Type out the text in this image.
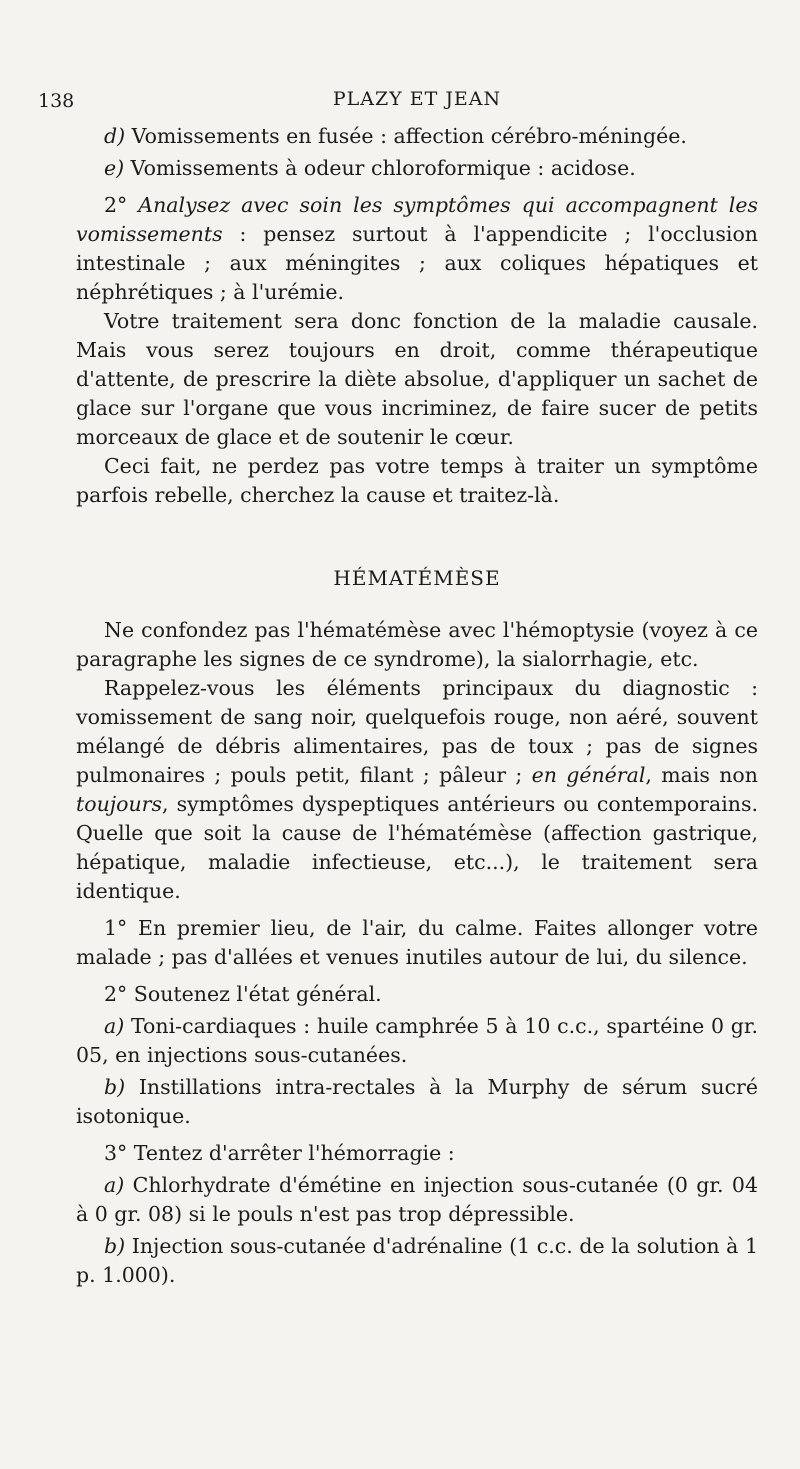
138	PLAZY ET JEAN

d) Vomissements en fusée : affection cérébro-méningée.

e) Vomissements à odeur chloroformique : acidose.

2° Analysez avec soin les symptômes qui accompagnent les vomissements : pensez surtout à l'appendicite ; l'occlusion intestinale ; aux méningites ; aux coliques hépatiques et néphrétiques ; à l'urémie.

Votre traitement sera donc fonction de la maladie causale. Mais vous serez toujours en droit, comme thérapeutique d'attente, de prescrire la diète absolue, d'appliquer un sachet de glace sur l'organe que vous incriminez, de faire sucer de petits morceaux de glace et de soutenir le cœur.

Ceci fait, ne perdez pas votre temps à traiter un symptôme parfois rebelle, cherchez la cause et traitez-là.

HÉMATÉMÈSE

Ne confondez pas l'hématémèse avec l'hémoptysie (voyez à ce paragraphe les signes de ce syndrome), la sialorrhagie, etc.

Rappelez-vous les éléments principaux du diagnostic : vomissement de sang noir, quelquefois rouge, non aéré, souvent mélangé de débris alimentaires, pas de toux ; pas de signes pulmonaires ; pouls petit, filant ; pâleur ; en général, mais non toujours, symptômes dyspeptiques antérieurs ou contemporains. Quelle que soit la cause de l'hématémèse (affection gastrique, hépatique, maladie infectieuse, etc...), le traitement sera identique.

1° En premier lieu, de l'air, du calme. Faites allonger votre malade ; pas d'allées et venues inutiles autour de lui, du silence.

2° Soutenez l'état général.

a) Toni-cardiaques : huile camphrée 5 à 10 c.c., spartéine 0 gr. 05, en injections sous-cutanées.

b) Instillations intra-rectales à la Murphy de sérum sucré isotonique.

3° Tentez d'arrêter l'hémorragie :

a) Chlorhydrate d'émétine en injection sous-cutanée (0 gr. 04 à 0 gr. 08) si le pouls n'est pas trop dépressible.

b) Injection sous-cutanée d'adrénaline (1 c.c. de la solution à 1 p. 1.000).
